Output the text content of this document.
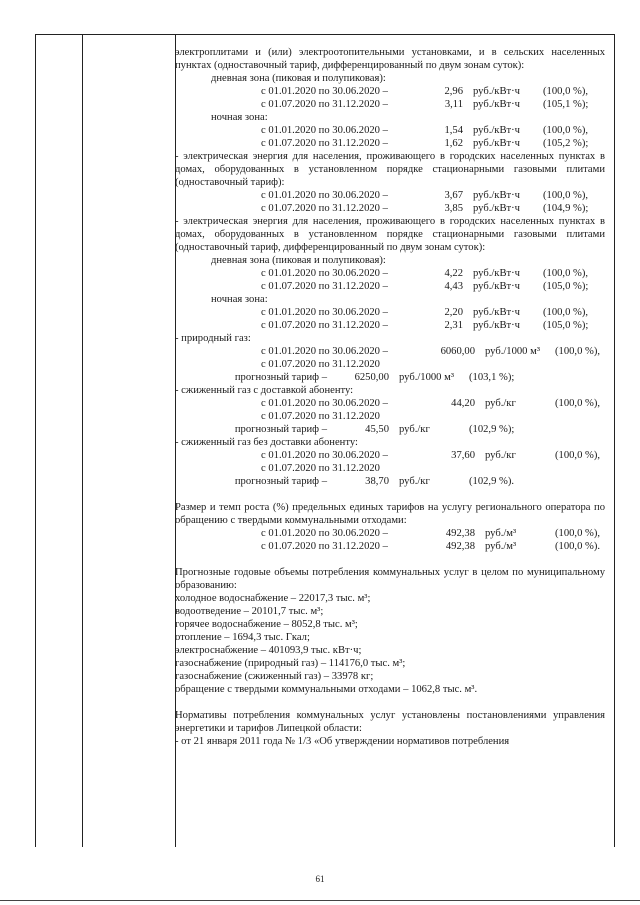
электроплитами и (или) электроотопительными установками, и в сельских населенных пунктах (одноставочный тариф, дифференцированный по двум зонам суток):
дневная зона (пиковая и полупиковая):
с 01.01.2020 по 30.06.2020 –	2,96 руб./кВт·ч	(100,0 %),
с 01.07.2020 по 31.12.2020 –	3,11 руб./кВт·ч	(105,1 %);
ночная зона:
с 01.01.2020 по 30.06.2020 –	1,54 руб./кВт·ч	(100,0 %),
с 01.07.2020 по 31.12.2020 –	1,62 руб./кВт·ч	(105,2 %);
- электрическая энергия для населения, проживающего в городских населенных пунктах в домах, оборудованных в установленном порядке стационарными газовыми плитами (одноставочный тариф):
с 01.01.2020 по 30.06.2020 –	3,67 руб./кВт·ч	(100,0 %),
с 01.07.2020 по 31.12.2020 –	3,85 руб./кВт·ч	(104,9 %);
- электрическая энергия для населения, проживающего в городских населенных пунктах в домах, оборудованных в установленном порядке стационарными газовыми плитами (одноставочный тариф, дифференцированный по двум зонам суток):
дневная зона (пиковая и полупиковая):
с 01.01.2020 по 30.06.2020 –	4,22 руб./кВт·ч	(100,0 %),
с 01.07.2020 по 31.12.2020 –	4,43 руб./кВт·ч	(105,0 %);
ночная зона:
с 01.01.2020 по 30.06.2020 –	2,20 руб./кВт·ч	(100,0 %),
с 01.07.2020 по 31.12.2020 –	2,31 руб./кВт·ч	(105,0 %);
- природный газ:
с 01.01.2020 по 30.06.2020 –	6060,00 руб./1000 м³	(100,0 %),
с 01.07.2020 по 31.12.2020
прогнозный тариф –	6250,00 руб./1000 м³	(103,1 %);
- сжиженный газ с доставкой абоненту:
с 01.01.2020 по 30.06.2020 –	44,20 руб./кг	(100,0 %),
с 01.07.2020 по 31.12.2020
прогнозный тариф –	45,50 руб./кг	(102,9 %);
- сжиженный газ без доставки абоненту:
с 01.01.2020 по 30.06.2020 –	37,60 руб./кг	(100,0 %),
с 01.07.2020 по 31.12.2020
прогнозный тариф –	38,70 руб./кг	(102,9 %).
Размер и темп роста (%) предельных единых тарифов на услугу регионального оператора по обращению с твердыми коммунальными отходами:
с 01.01.2020 по 30.06.2020 –	492,38 руб./м³	(100,0 %),
с 01.07.2020 по 31.12.2020 –	492,38 руб./м³	(100,0 %).
Прогнозные годовые объемы потребления коммунальных услуг в целом по муниципальному образованию:
холодное водоснабжение – 22017,3 тыс. м³;
водоотведение – 20101,7 тыс. м³;
горячее водоснабжение – 8052,8 тыс. м³;
отопление – 1694,3 тыс. Гкал;
электроснабжение – 401093,9 тыс. кВт·ч;
газоснабжение (природный газ) – 114176,0 тыс. м³;
газоснабжение (сжиженный газ) – 33978 кг;
обращение с твердыми коммунальными отходами – 1062,8 тыс. м³.
Нормативы потребления коммунальных услуг установлены постановлениями управления энергетики и тарифов Липецкой области:
- от 21 января 2011 года № 1/3 «Об утверждении нормативов потребления
61
